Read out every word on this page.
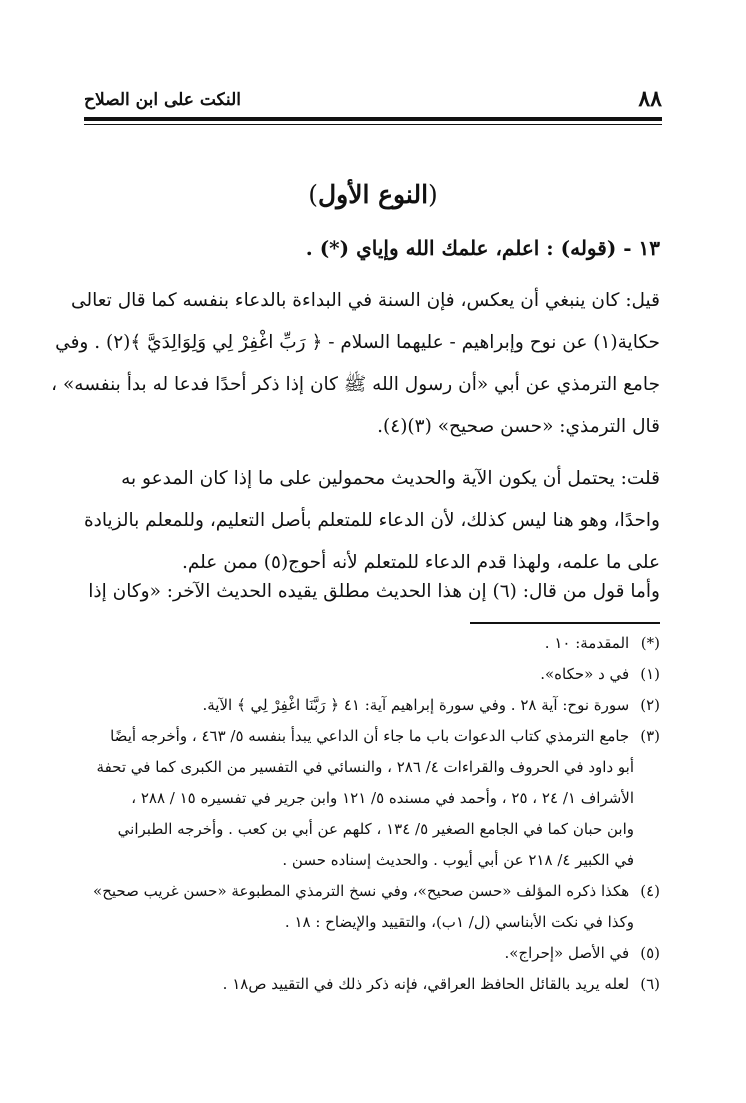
٨٨
النكت على ابن الصلاح
(النوع الأول)
١٣ - (قوله) : اعلم، علمك الله وإياي (*) .
قيل: كان ينبغي أن يعكس، فإن السنة في البداءة بالدعاء بنفسه كما قال تعالى
حكاية(١) عن نوح وإبراهيم - عليهما السلام - ﴿ رَبِّ اغْفِرْ لِي وَلِوَالِدَيَّ ﴾(٢) . وفي
جامع الترمذي عن أبي «أن رسول الله ﷺ كان إذا ذكر أحدًا فدعا له بدأ بنفسه» ،
قال الترمذي: «حسن صحيح» (٣)(٤).
قلت: يحتمل أن يكون الآية والحديث محمولين على ما إذا كان المدعو به
واحدًا، وهو هنا ليس كذلك، لأن الدعاء للمتعلم بأصل التعليم، وللمعلم بالزيادة
على ما علمه، ولهذا قدم الدعاء للمتعلم لأنه أحوج(٥) ممن علم.
وأما قول من قال: (٦) إن هذا الحديث مطلق يقيده الحديث الآخر: «وكان إذا
(*) المقدمة: ١٠ .
(١) في د «حكاه».
(٢) سورة نوح: آية ٢٨ . وفي سورة إبراهيم آية: ٤١ ﴿ رَبَّنَا اغْفِرْ لِي ﴾ الآية.
(٣) جامع الترمذي كتاب الدعوات باب ما جاء أن الداعي يبدأ بنفسه ٥/ ٤٦٣ ، وأخرجه أيضًا
أبو داود في الحروف والقراءات ٤/ ٢٨٦ ، والنسائي في التفسير من الكبرى كما في تحفة
الأشراف ١/ ٢٤ ، ٢٥ ، وأحمد في مسنده ٥/ ١٢١ وابن جرير في تفسيره ١٥ / ٢٨٨ ،
وابن حبان كما في الجامع الصغير ٥/ ١٣٤ ، كلهم عن أبي بن كعب . وأخرجه الطبراني
في الكبير ٤/ ٢١٨ عن أبي أيوب . والحديث إسناده حسن .
(٤) هكذا ذكره المؤلف «حسن صحيح»، وفي نسخ الترمذي المطبوعة «حسن غريب صحيح»
وكذا في نكت الأبناسي (ل/ ١ب)، والتقييد والإيضاح : ١٨ .
(٥) في الأصل «إحراج».
(٦) لعله يريد بالقائل الحافظ العراقي، فإنه ذكر ذلك في التقييد ص١٨ .
